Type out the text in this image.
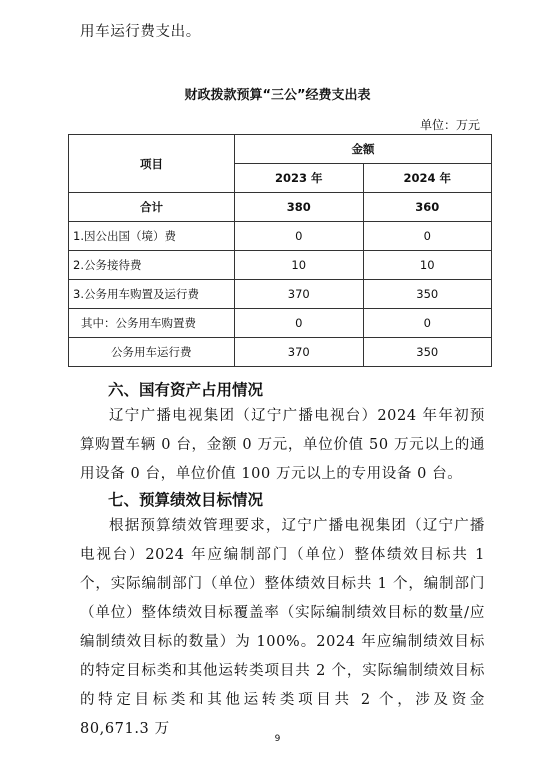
用车运行费支出。

财政拨款预算“三公”经费支出表

单位：万元
项目	金额	
	2023 年	2024 年
合计	380	360
1.因公出国（境）费	0	0
2.公务接待费	10	10
3.公务用车购置及运行费	370	350
其中：公务用车购置费	0	0
公务用车运行费	370	350

六、国有资产占用情况

辽宁广播电视集团（辽宁广播电视台）2024 年年初预算购置车辆 0 台，金额 0 万元，单位价值 50 万元以上的通用设备 0 台，单位价值 100 万元以上的专用设备 0 台。

七、预算绩效目标情况

根据预算绩效管理要求，辽宁广播电视集团（辽宁广播电视台）2024 年应编制部门（单位）整体绩效目标共 1 个，实际编制部门（单位）整体绩效目标共 1 个，编制部门（单位）整体绩效目标覆盖率（实际编制绩效目标的数量/应编制绩效目标的数量）为 100%。2024 年应编制绩效目标的特定目标类和其他运转类项目共 2 个，实际编制绩效目标的特定目标类和其他运转类项目共 2 个，涉及资金 80,671.3 万

9
